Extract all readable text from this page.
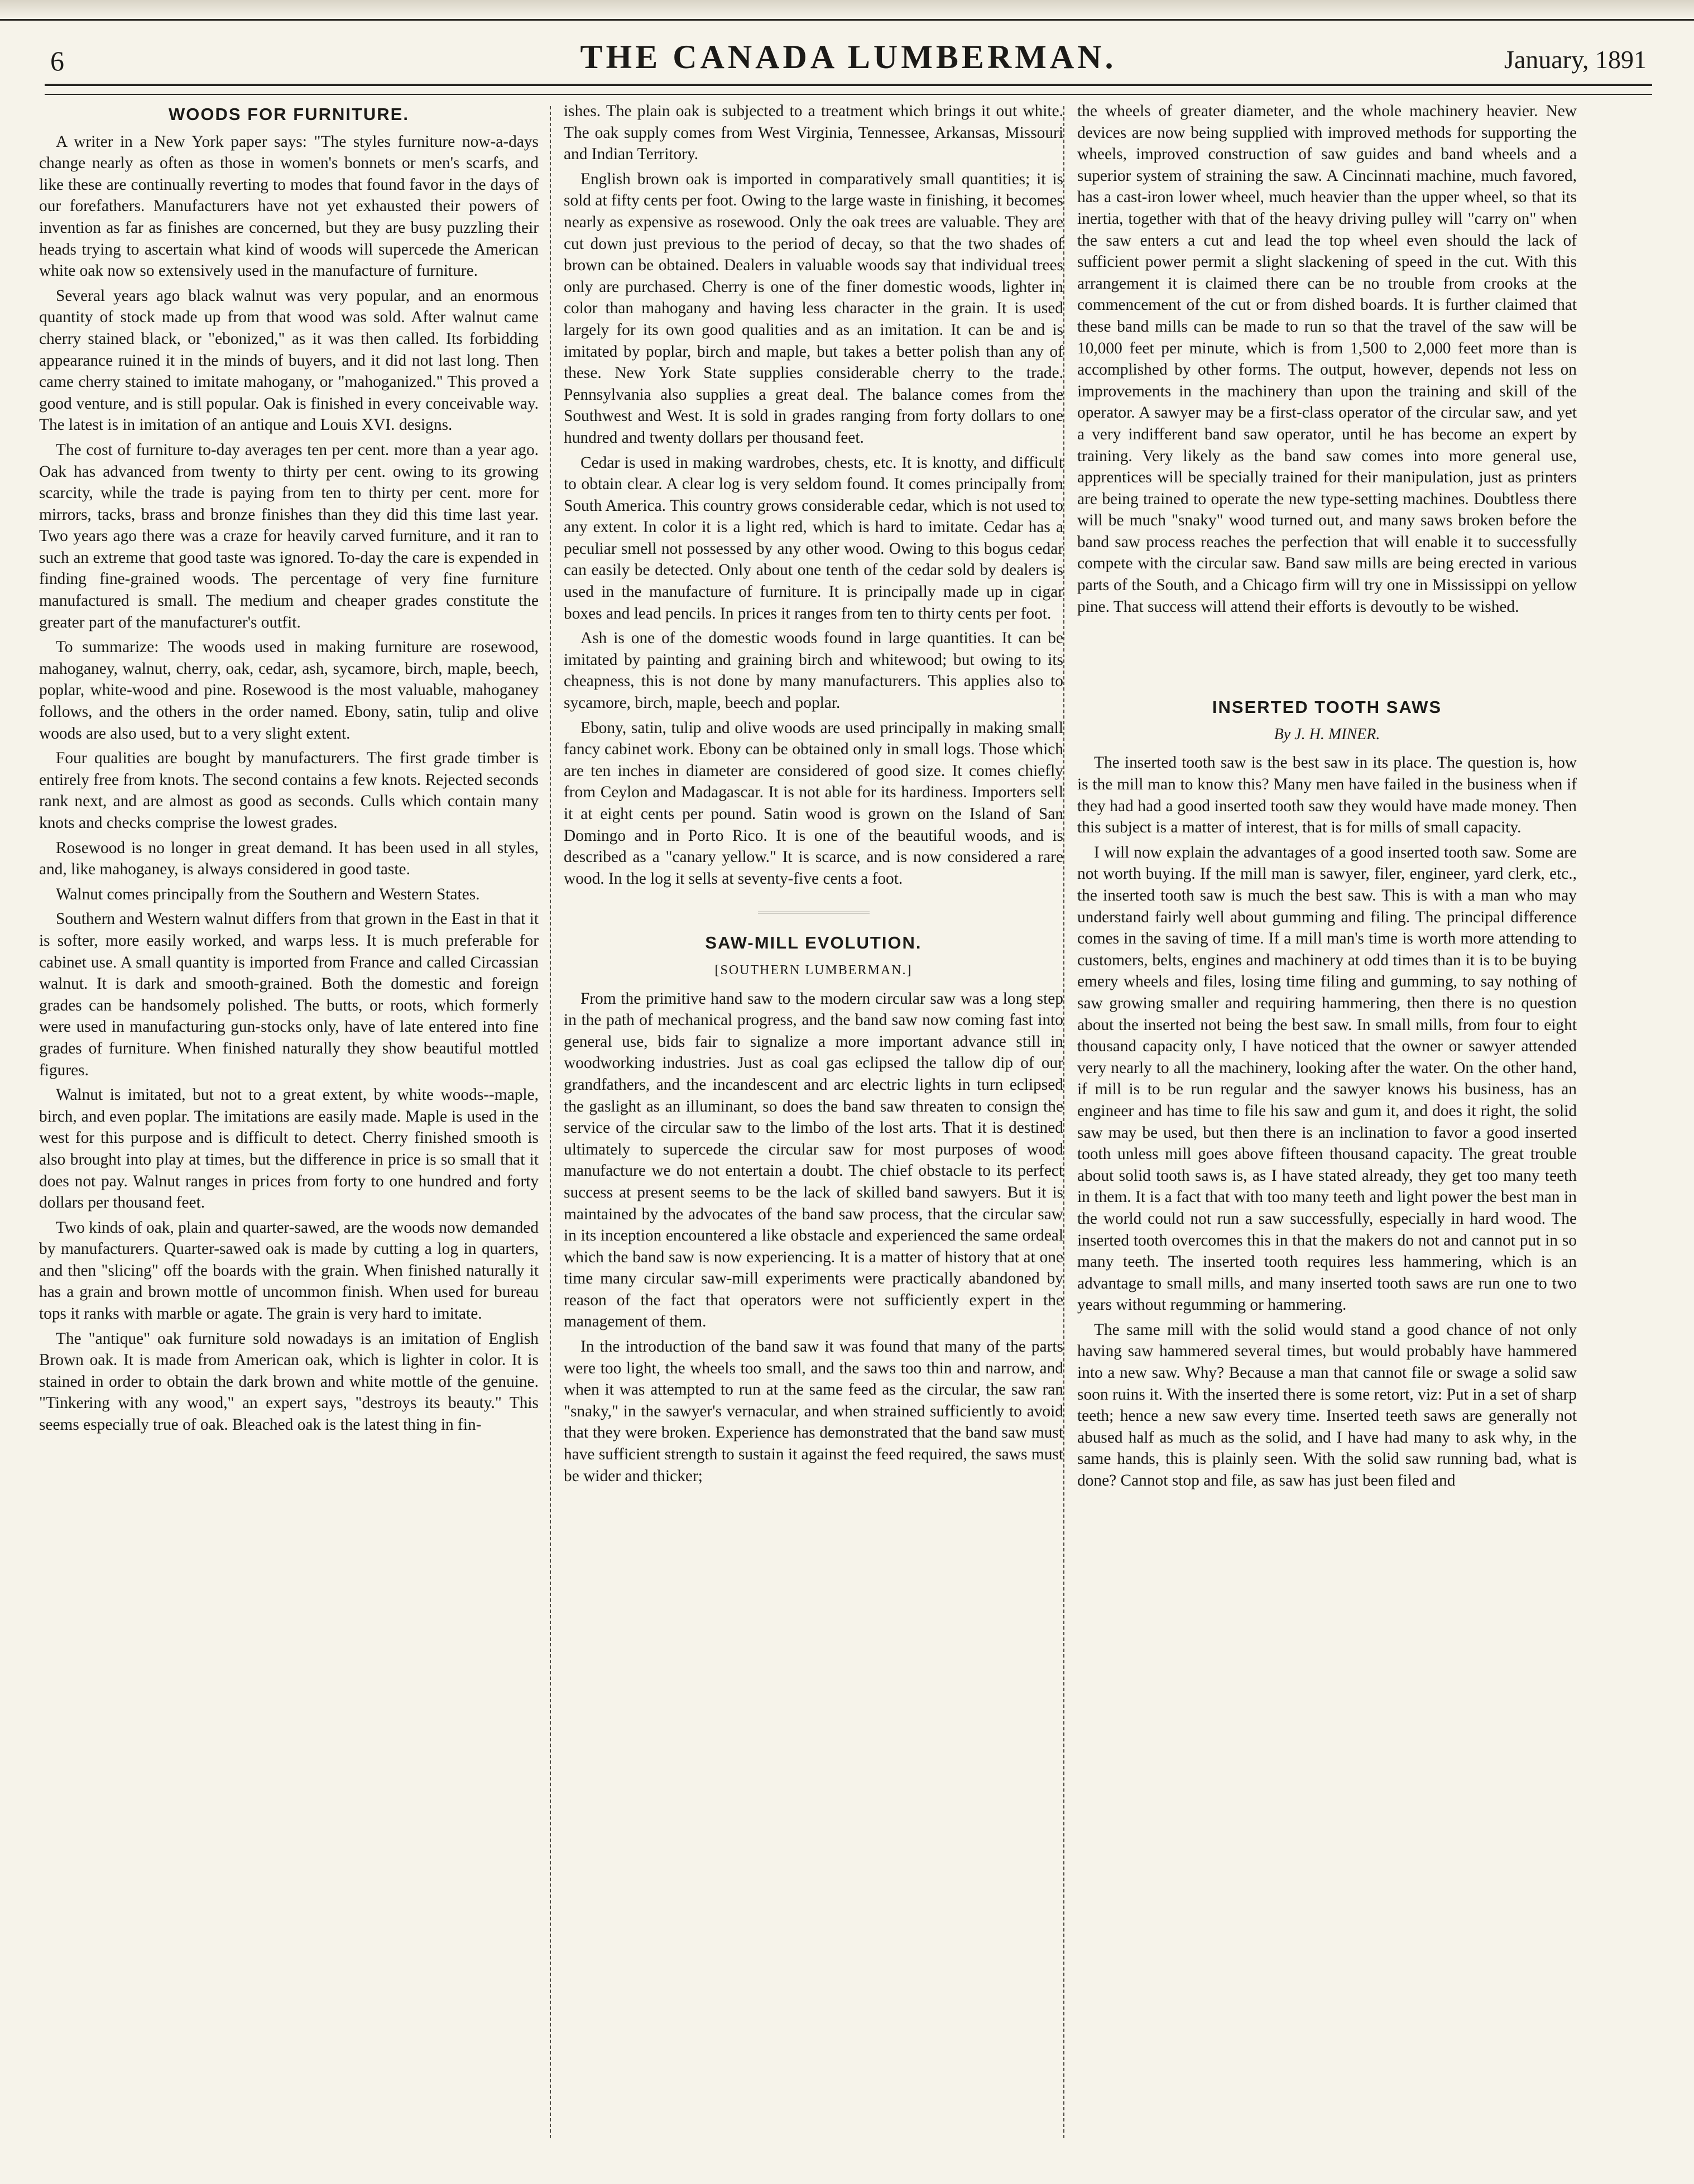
6	THE CANADA LUMBERMAN.	January, 1891
WOODS FOR FURNITURE.

A writer in a New York paper says: "The styles furniture now-a-days change nearly as often as those in women's bonnets or men's scarfs, and like these are continually reverting to modes that found favor in the days of our forefathers. Manufacturers have not yet exhausted their powers of invention as far as finishes are concerned, but they are busy puzzling their heads trying to ascertain what kind of woods will supercede the American white oak now so extensively used in the manufacture of furniture.

Several years ago black walnut was very popular, and an enormous quantity of stock made up from that wood was sold. After walnut came cherry stained black, or "ebonized," as it was then called. Its forbidding appearance ruined it in the minds of buyers, and it did not last long. Then came cherry stained to imitate mahogany, or "mahoganized." This proved a good venture, and is still popular. Oak is finished in every conceivable way. The latest is in imitation of an antique and Louis XVI. designs.

The cost of furniture to-day averages ten per cent. more than a year ago. Oak has advanced from twenty to thirty per cent. owing to its growing scarcity, while the trade is paying from ten to thirty per cent. more for mirrors, tacks, brass and bronze finishes than they did this time last year. Two years ago there was a craze for heavily carved furniture, and it ran to such an extreme that good taste was ignored. To-day the care is expended in finding fine-grained woods. The percentage of very fine furniture manufactured is small. The medium and cheaper grades constitute the greater part of the manufacturer's outfit.

To summarize: The woods used in making furniture are rosewood, mahoganey, walnut, cherry, oak, cedar, ash, sycamore, birch, maple, beech, poplar, white-wood and pine. Rosewood is the most valuable, mahoganey follows, and the others in the order named. Ebony, satin, tulip and olive woods are also used, but to a very slight extent.

Four qualities are bought by manufacturers. The first grade timber is entirely free from knots. The second contains a few knots. Rejected seconds rank next, and are almost as good as seconds. Culls which contain many knots and checks comprise the lowest grades.

Rosewood is no longer in great demand. It has been used in all styles, and, like mahoganey, is always considered in good taste.

Walnut comes principally from the Southern and Western States.

Southern and Western walnut differs from that grown in the East in that it is softer, more easily worked, and warps less. It is much preferable for cabinet use. A small quantity is imported from France and called Circassian walnut. It is dark and smooth-grained. Both the domestic and foreign grades can be handsomely polished. The butts, or roots, which formerly were used in manufacturing gun-stocks only, have of late entered into fine grades of furniture. When finished naturally they show beautiful mottled figures.

Walnut is imitated, but not to a great extent, by white woods--maple, birch, and even poplar. The imitations are easily made. Maple is used in the west for this purpose and is difficult to detect. Cherry finished smooth is also brought into play at times, but the difference in price is so small that it does not pay. Walnut ranges in prices from forty to one hundred and forty dollars per thousand feet.

Two kinds of oak, plain and quarter-sawed, are the woods now demanded by manufacturers. Quarter-sawed oak is made by cutting a log in quarters, and then "slicing" off the boards with the grain. When finished naturally it has a grain and brown mottle of uncommon finish. When used for bureau tops it ranks with marble or agate. The grain is very hard to imitate.

The "antique" oak furniture sold nowadays is an imitation of English Brown oak. It is made from American oak, which is lighter in color. It is stained in order to obtain the dark brown and white mottle of the genuine. "Tinkering with any wood," an expert says, "destroys its beauty." This seems especially true of oak. Bleached oak is the latest thing in fin-

ishes. The plain oak is subjected to a treatment which brings it out white. The oak supply comes from West Virginia, Tennessee, Arkansas, Missouri and Indian Territory.

English brown oak is imported in comparatively small quantities; it is sold at fifty cents per foot. Owing to the large waste in finishing, it becomes nearly as expensive as rosewood. Only the oak trees are valuable. They are cut down just previous to the period of decay, so that the two shades of brown can be obtained. Dealers in valuable woods say that individual trees only are purchased. Cherry is one of the finer domestic woods, lighter in color than mahogany and having less character in the grain. It is used largely for its own good qualities and as an imitation. It can be and is imitated by poplar, birch and maple, but takes a better polish than any of these. New York State supplies considerable cherry to the trade. Pennsylvania also supplies a great deal. The balance comes from the Southwest and West. It is sold in grades ranging from forty dollars to one hundred and twenty dollars per thousand feet.

Cedar is used in making wardrobes, chests, etc. It is knotty, and difficult to obtain clear. A clear log is very seldom found. It comes principally from South America. This country grows considerable cedar, which is not used to any extent. In color it is a light red, which is hard to imitate. Cedar has a peculiar smell not possessed by any other wood. Owing to this bogus cedar can easily be detected. Only about one tenth of the cedar sold by dealers is used in the manufacture of furniture. It is principally made up in cigar boxes and lead pencils. In prices it ranges from ten to thirty cents per foot.

Ash is one of the domestic woods found in large quantities. It can be imitated by painting and graining birch and whitewood; but owing to its cheapness, this is not done by many manufacturers. This applies also to sycamore, birch, maple, beech and poplar.

Ebony, satin, tulip and olive woods are used principally in making small fancy cabinet work. Ebony can be obtained only in small logs. Those which are ten inches in diameter are considered of good size. It comes chiefly from Ceylon and Madagascar. It is not able for its hardiness. Importers sell it at eight cents per pound. Satin wood is grown on the Island of San Domingo and in Porto Rico. It is one of the beautiful woods, and is described as a "canary yellow." It is scarce, and is now considered a rare wood. In the log it sells at seventy-five cents a foot.

SAW-MILL EVOLUTION.
[SOUTHERN LUMBERMAN.]

From the primitive hand saw to the modern circular saw was a long step in the path of mechanical progress, and the band saw now coming fast into general use, bids fair to signalize a more important advance still in woodworking industries. Just as coal gas eclipsed the tallow dip of our grandfathers, and the incandescent and arc electric lights in turn eclipsed the gaslight as an illuminant, so does the band saw threaten to consign the service of the circular saw to the limbo of the lost arts. That it is destined ultimately to supercede the circular saw for most purposes of wood manufacture we do not entertain a doubt. The chief obstacle to its perfect success at present seems to be the lack of skilled band sawyers. But it is maintained by the advocates of the band saw process, that the circular saw in its inception encountered a like obstacle and experienced the same ordeal which the band saw is now experiencing. It is a matter of history that at one time many circular saw-mill experiments were practically abandoned by reason of the fact that operators were not sufficiently expert in the management of them.

In the introduction of the band saw it was found that many of the parts were too light, the wheels too small, and the saws too thin and narrow, and when it was attempted to run at the same feed as the circular, the saw ran "snaky," in the sawyer's vernacular, and when strained sufficiently to avoid that they were broken. Experience has demonstrated that the band saw must have sufficient strength to sustain it against the feed required, the saws must be wider and thicker;

the wheels of greater diameter, and the whole machinery heavier. New devices are now being supplied with improved methods for supporting the wheels, improved construction of saw guides and band wheels and a superior system of straining the saw. A Cincinnati machine, much favored, has a cast-iron lower wheel, much heavier than the upper wheel, so that its inertia, together with that of the heavy driving pulley will "carry on" when the saw enters a cut and lead the top wheel even should the lack of sufficient power permit a slight slackening of speed in the cut. With this arrangement it is claimed there can be no trouble from crooks at the commencement of the cut or from dished boards. It is further claimed that these band mills can be made to run so that the travel of the saw will be 10,000 feet per minute, which is from 1,500 to 2,000 feet more than is accomplished by other forms. The output, however, depends not less on improvements in the machinery than upon the training and skill of the operator. A sawyer may be a first-class operator of the circular saw, and yet a very indifferent band saw operator, until he has become an expert by training. Very likely as the band saw comes into more general use, apprentices will be specially trained for their manipulation, just as printers are being trained to operate the new type-setting machines. Doubtless there will be much "snaky" wood turned out, and many saws broken before the band saw process reaches the perfection that will enable it to successfully compete with the circular saw. Band saw mills are being erected in various parts of the South, and a Chicago firm will try one in Mississippi on yellow pine. That success will attend their efforts is devoutly to be wished.

INSERTED TOOTH SAWS
By J. H. MINER.

The inserted tooth saw is the best saw in its place. The question is, how is the mill man to know this? Many men have failed in the business when if they had had a good inserted tooth saw they would have made money. Then this subject is a matter of interest, that is for mills of small capacity.

I will now explain the advantages of a good inserted tooth saw. Some are not worth buying. If the mill man is sawyer, filer, engineer, yard clerk, etc., the inserted tooth saw is much the best saw. This is with a man who may understand fairly well about gumming and filing. The principal difference comes in the saving of time. If a mill man's time is worth more attending to customers, belts, engines and machinery at odd times than it is to be buying emery wheels and files, losing time filing and gumming, to say nothing of saw growing smaller and requiring hammering, then there is no question about the inserted not being the best saw. In small mills, from four to eight thousand capacity only, I have noticed that the owner or sawyer attended very nearly to all the machinery, looking after the water. On the other hand, if mill is to be run regular and the sawyer knows his business, has an engineer and has time to file his saw and gum it, and does it right, the solid saw may be used, but then there is an inclination to favor a good inserted tooth unless mill goes above fifteen thousand capacity. The great trouble about solid tooth saws is, as I have stated already, they get too many teeth in them. It is a fact that with too many teeth and light power the best man in the world could not run a saw successfully, especially in hard wood. The inserted tooth overcomes this in that the makers do not and cannot put in so many teeth. The inserted tooth requires less hammering, which is an advantage to small mills, and many inserted tooth saws are run one to two years without regumming or hammering.

The same mill with the solid would stand a good chance of not only having saw hammered several times, but would probably have hammered into a new saw. Why? Because a man that cannot file or swage a solid saw soon ruins it. With the inserted there is some retort, viz: Put in a set of sharp teeth; hence a new saw every time. Inserted teeth saws are generally not abused half as much as the solid, and I have had many to ask why, in the same hands, this is plainly seen. With the solid saw running bad, what is done? Cannot stop and file, as saw has just been filed and
